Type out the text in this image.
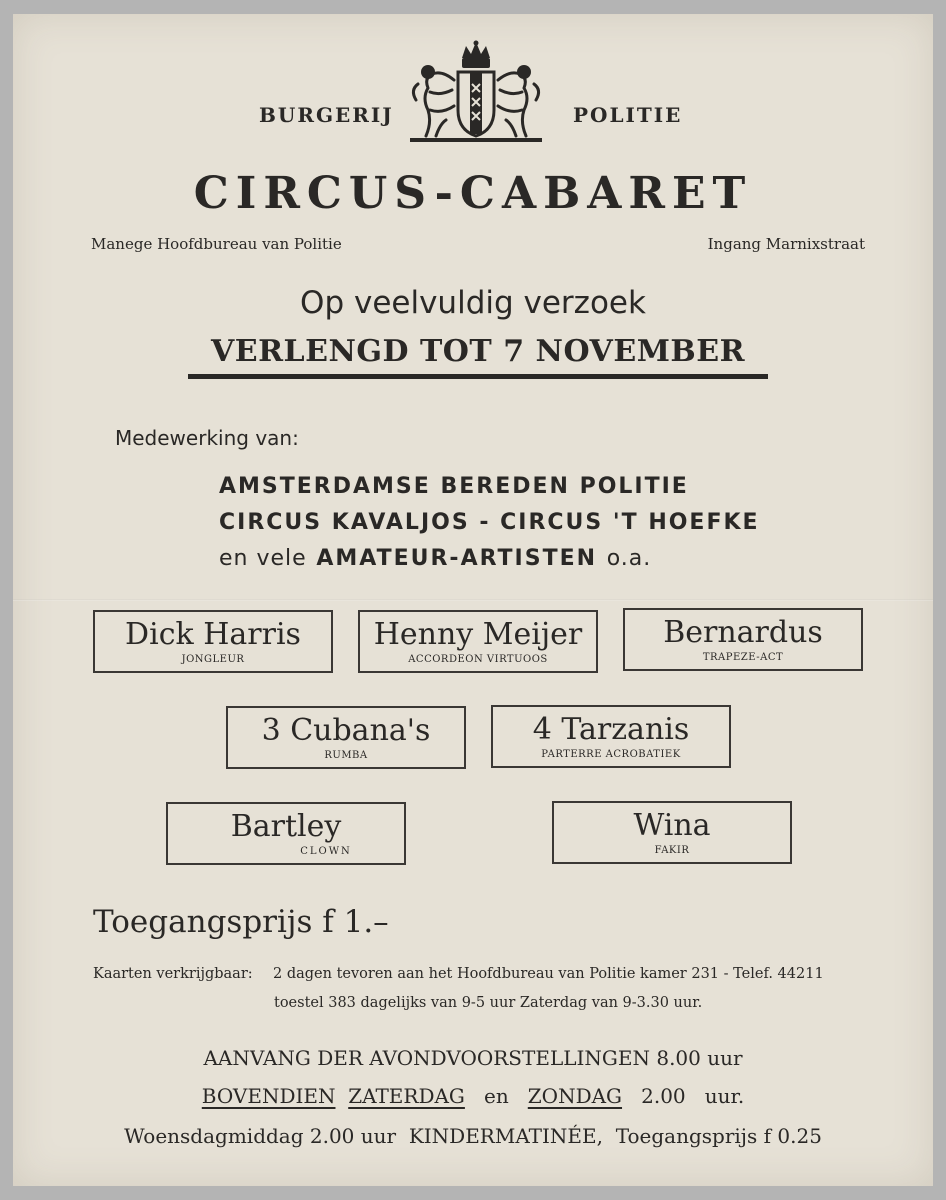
BURGERIJ	POLITIE
CIRCUS-CABARET
Manege Hoofdbureau van Politie	Ingang Marnixstraat
Op veelvuldig verzoek
VERLENGD TOT 7 NOVEMBER
Medewerking van:
AMSTERDAMSE BEREDEN POLITIE
CIRCUS KAVALJOS - CIRCUS 'T HOEFKE
en vele AMATEUR-ARTISTEN o.a.
Dick Harris
JONGLEUR
Henny Meijer
ACCORDEON VIRTUOOS
Bernardus
TRAPEZE-ACT
3 Cubana's
RUMBA
4 Tarzanis
PARTERRE ACROBATIEK
Bartley
CLOWN
Wina
FAKIR
Toegangsprijs f 1.–
Kaarten verkrijgbaar: 2 dagen tevoren aan het Hoofdbureau van Politie kamer 231 - Telef. 44211
toestel 383 dagelijks van 9-5 uur Zaterdag van 9-3.30 uur.
AANVANG DER AVONDVOORSTELLINGEN 8.00 uur
BOVENDIEN ZATERDAG en ZONDAG 2.00 uur.
Woensdagmiddag 2.00 uur KINDERMATINÉE, Toegangsprijs f 0.25
